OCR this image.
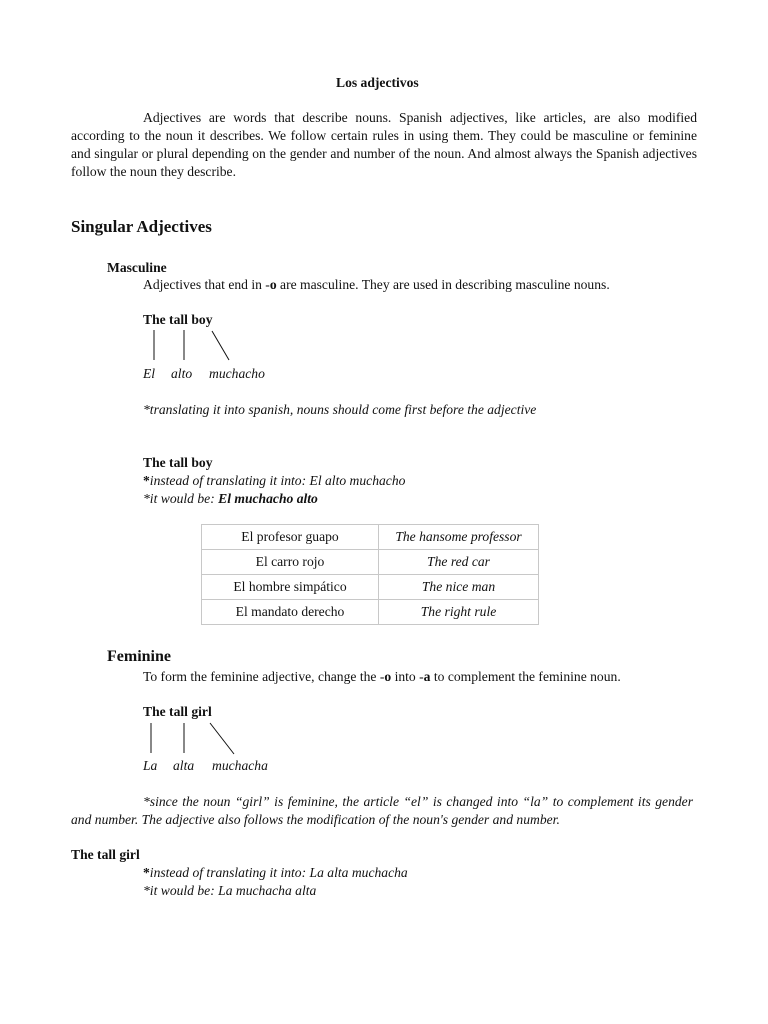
Los adjectivos
Adjectives are words that describe nouns. Spanish adjectives, like articles, are also modified according to the noun it describes. We follow certain rules in using them. They could be masculine or feminine and singular or plural depending on the gender and number of the noun. And almost always the Spanish adjectives follow the noun they describe.
Singular Adjectives
Masculine
Adjectives that end in -o are masculine. They are used in describing masculine nouns.
The tall boy
El alto muchacho
*translating it into spanish, nouns should come first before the adjective
The tall boy
*instead of translating it into: El alto muchacho
*it would be: El muchacho alto
El profesor guapo	The hansome professor
El carro rojo	The red car
El hombre simpático	The nice man
El mandato derecho	The right rule
Feminine
To form the feminine adjective, change the -o into -a to complement the feminine noun.
The tall girl
La alta muchacha
*since the noun “girl” is feminine, the article “el” is changed into “la” to complement its gender and number. The adjective also follows the modification of the noun's gender and number.
The tall girl
*instead of translating it into: La alta muchacha
*it would be: La muchacha alta
